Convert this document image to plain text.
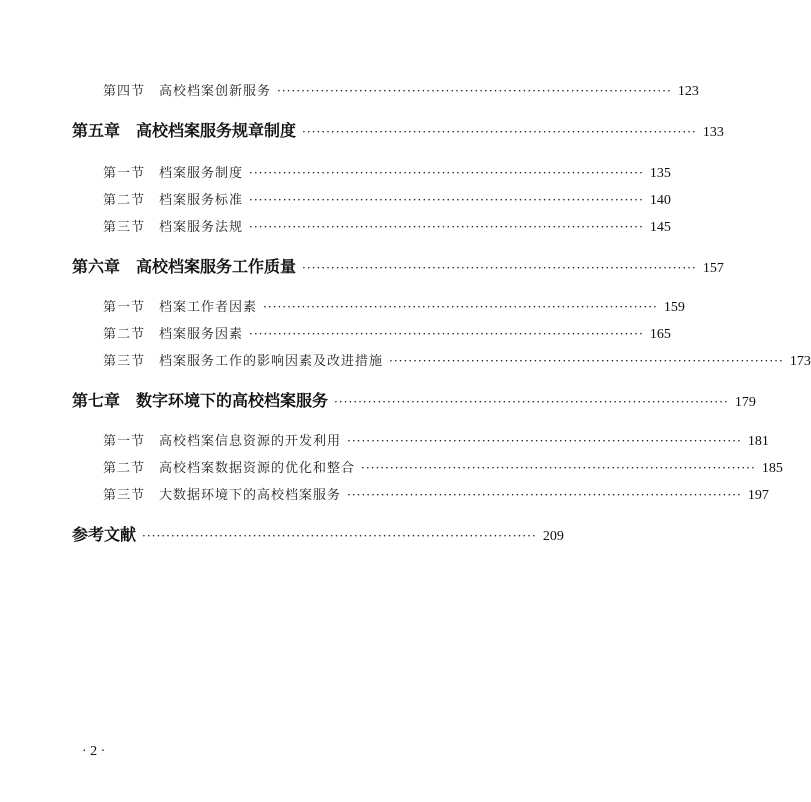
第四节　高校档案创新服务 ·················································································· 123
第五章　高校档案服务规章制度 ·················································································· 133
第一节　档案服务制度 ·················································································· 135
第二节　档案服务标准 ·················································································· 140
第三节　档案服务法规 ·················································································· 145
第六章　高校档案服务工作质量 ·················································································· 157
第一节　档案工作者因素 ·················································································· 159
第二节　档案服务因素 ·················································································· 165
第三节　档案服务工作的影响因素及改进措施 ·················································································· 173
第七章　数字环境下的高校档案服务 ·················································································· 179
第一节　高校档案信息资源的开发利用 ·················································································· 181
第二节　高校档案数据资源的优化和整合 ·················································································· 185
第三节　大数据环境下的高校档案服务 ·················································································· 197
参考文献 ·················································································· 209
· 2 ·
